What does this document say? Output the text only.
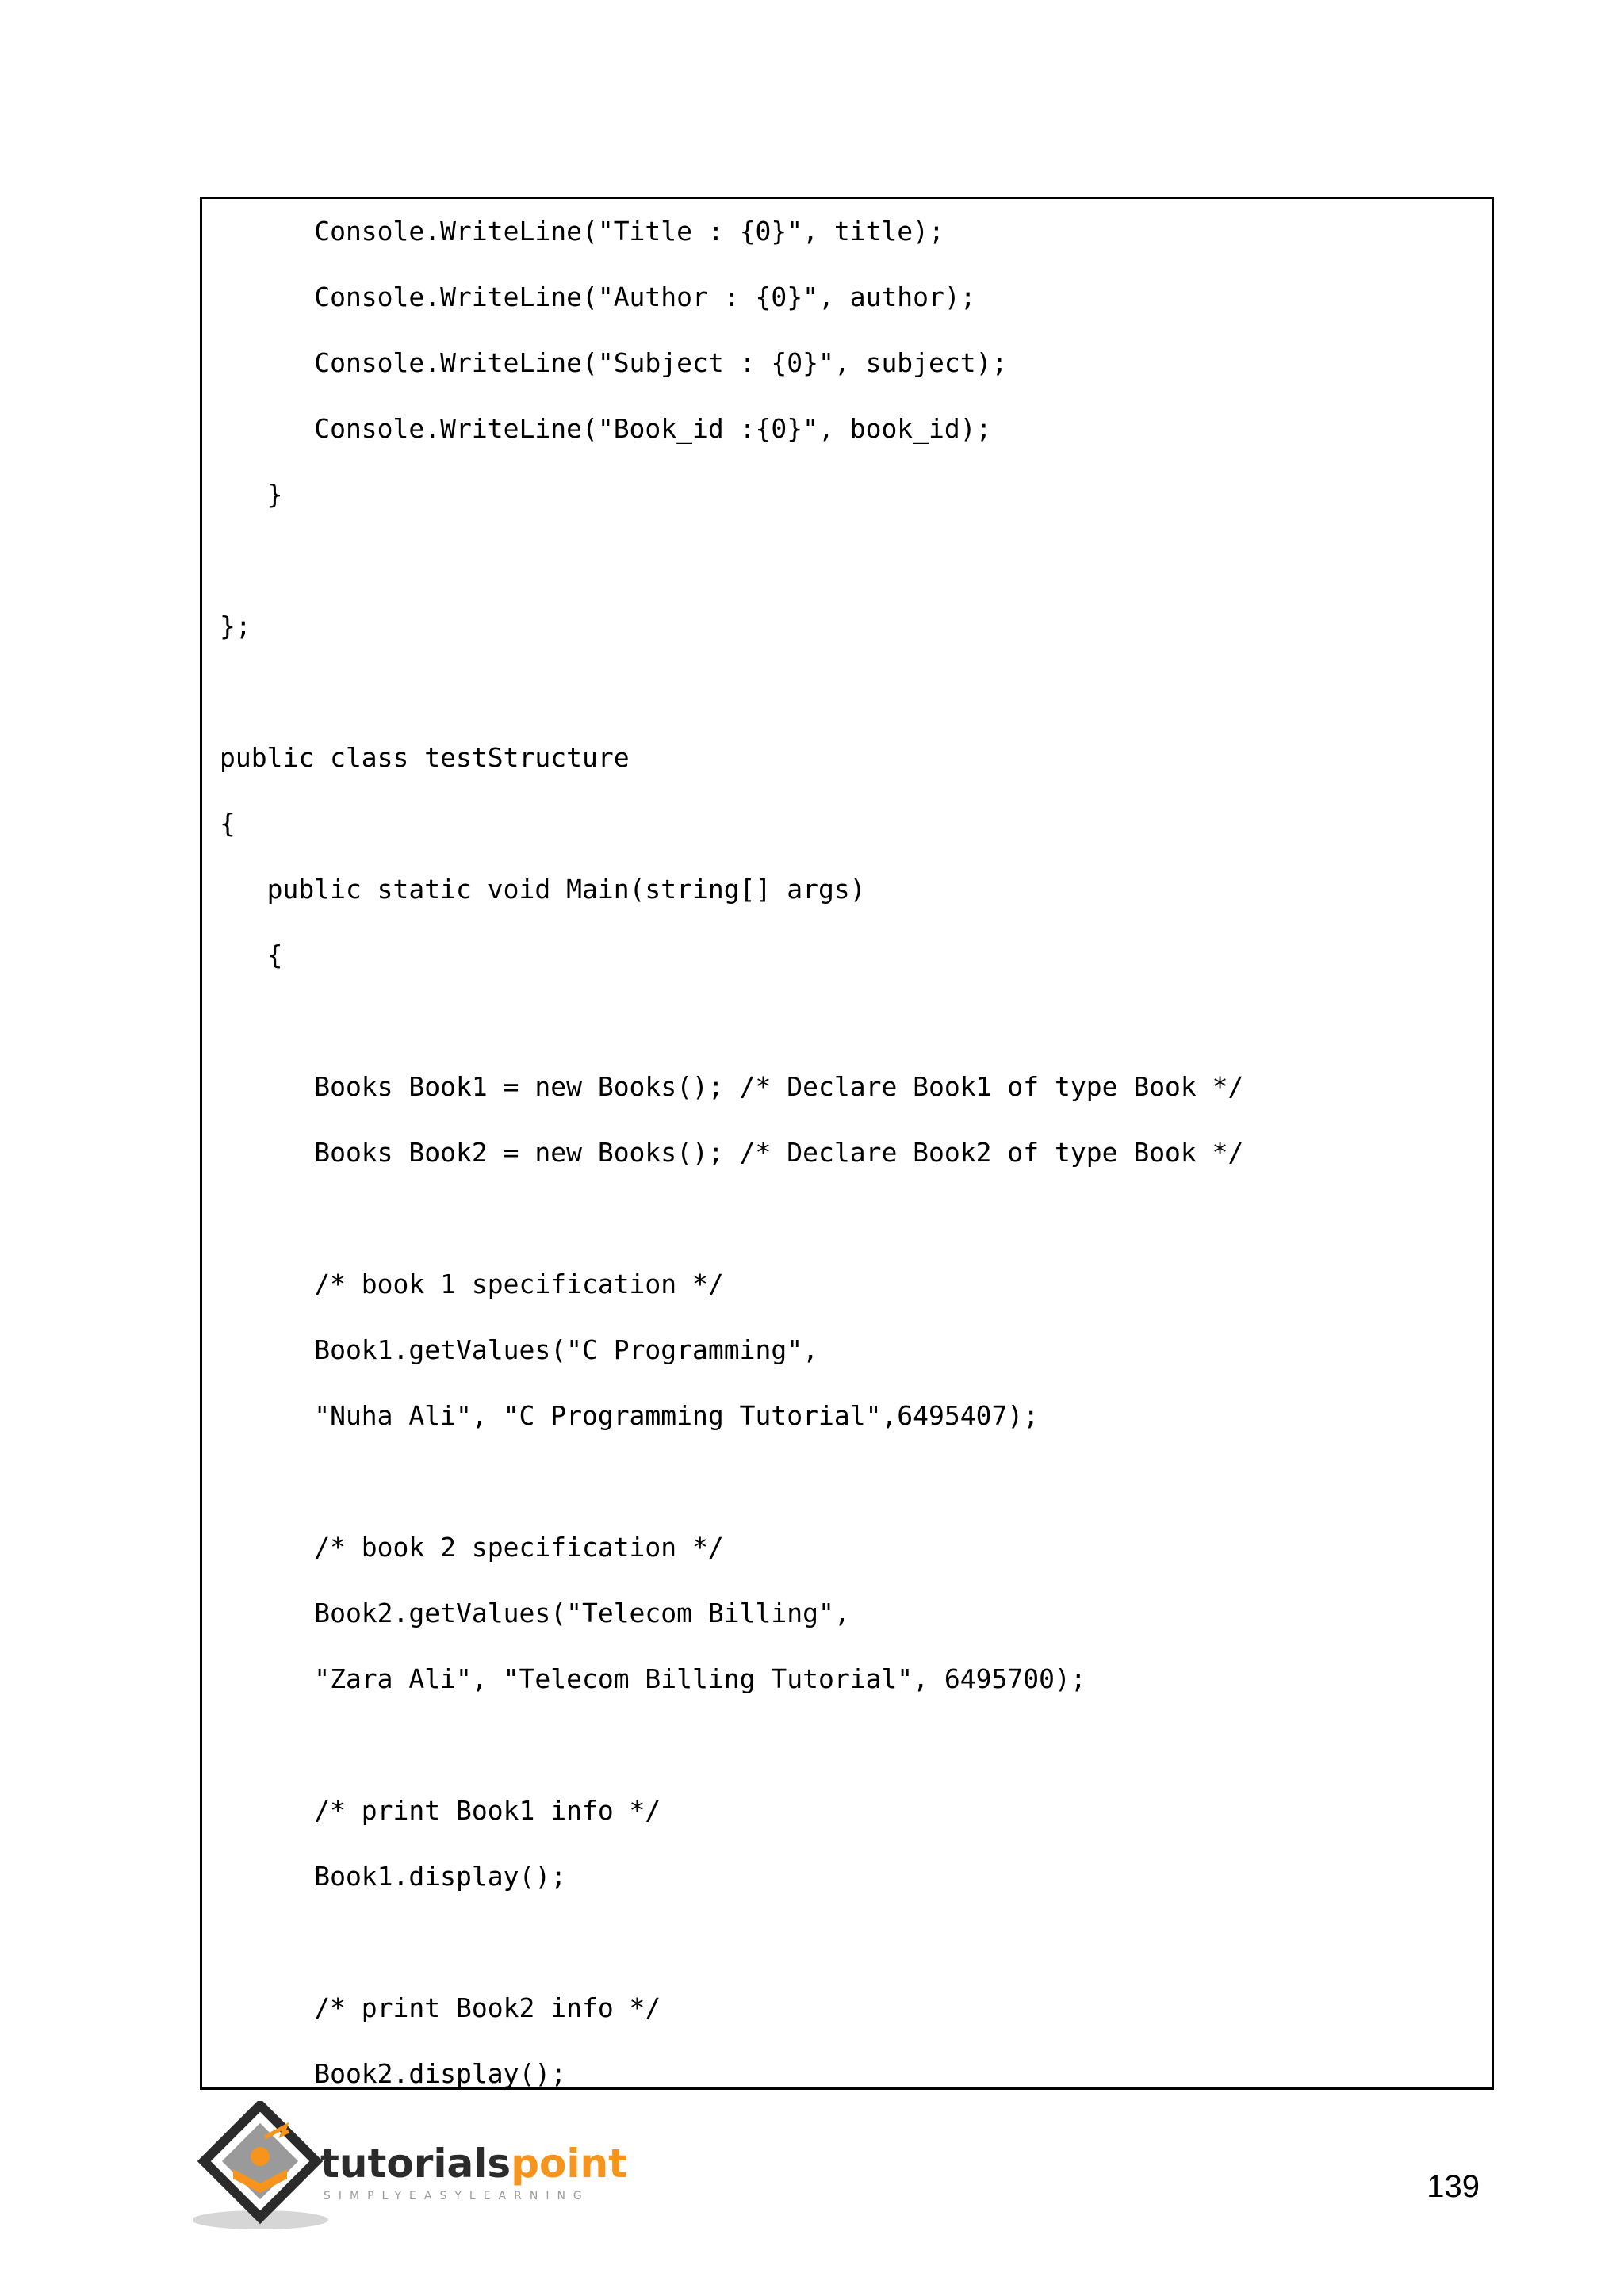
Console.WriteLine("Title : {0}", title);
Console.WriteLine("Author : {0}", author);
Console.WriteLine("Subject : {0}", subject);
Console.WriteLine("Book_id :{0}", book_id);
}
};
public class testStructure
{
public static void Main(string[] args)
{
Books Book1 = new Books(); /* Declare Book1 of type Book */
Books Book2 = new Books(); /* Declare Book2 of type Book */
/* book 1 specification */
Book1.getValues("C Programming",
"Nuha Ali", "C Programming Tutorial",6495407);
/* book 2 specification */
Book2.getValues("Telecom Billing",
"Zara Ali", "Telecom Billing Tutorial", 6495700);
/* print Book1 info */
Book1.display();
/* print Book2 info */
Book2.display();
tutorialspoint
SIMPLYEASYLEARNING	139
